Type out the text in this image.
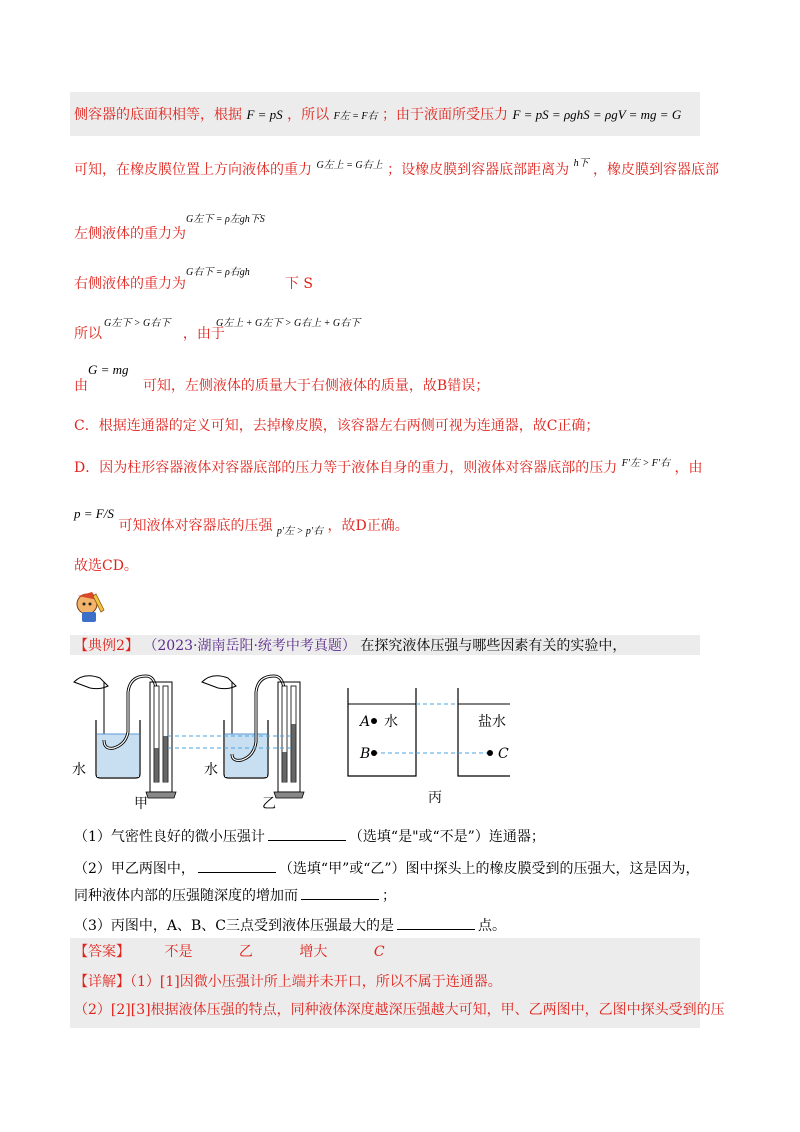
侧容器的底面积相等，根据 F = pS ，所以 F左 = F右 ；由于液面所受压力 F = pS = ρghS = ρgV = mg = G
可知，在橡皮膜位置上方向液体的重力 $^{G左上 = G右上}$ ；设橡皮膜到容器底部距离为 $^{h下}$ ，橡皮膜到容器底部
G左下 = ρ左gh下S
左侧液体的重力为
G右下 = ρ右gh
右侧液体的重力为	下 S
G左下 > G右下	G左上 + G左下 > G右上 + G右下
所以	，由于
G = mg
由	可知，左侧液体的质量大于右侧液体的质量，故B错误；
C．根据连通器的定义可知，去掉橡皮膜，该容器左右两侧可视为连通器，故C正确；
D．因为柱形容器液体对容器底部的压力等于液体自身的重力，则液体对容器底部的压力 $^{F'左 > F'右}$ ，由
p = F/S
可知液体对容器底的压强 $_{p'左 > p'右}$ ，故D正确。
故选CD。
【典例2】 （2023·湖南岳阳·统考中考真题） 在探究液体压强与哪些因素有关的实验中，
水
甲
水
乙
A 水
B
盐水
C
丙
（1）气密性良好的微小压强计	（选填“是"或“不是”）连通器；
（2）甲乙两图中，	（选填“甲”或“乙”）图中探头上的橡皮膜受到的压强大，这是因为，
同种液体内部的压强随深度的增加而	；
（3）丙图中，A、B、C三点受到液体压强最大的是	点。
【答案】 不是	乙	增大	C
【详解】（1）[1]因微小压强计所上端并未开口，所以不属于连通器。
（2）[2][3]根据液体压强的特点，同种液体深度越深压强越大可知，甲、乙两图中，乙图中探头受到的压
